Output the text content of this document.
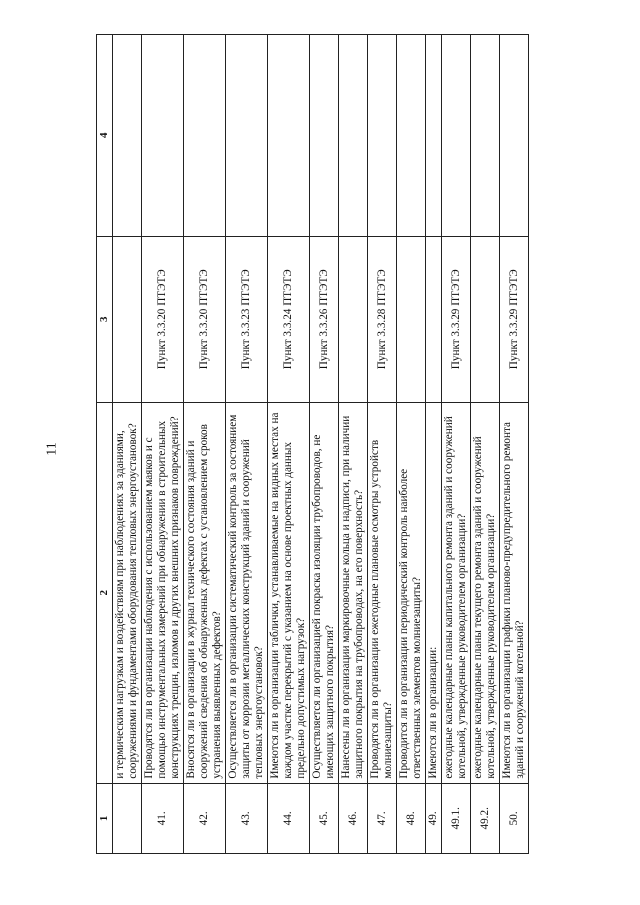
11
1	2	3	4
	и термическим нагрузкам и воздействиям при наблюдениях за зданиями, сооружениями и фундаментами оборудования тепловых энергоустановок?		
41.	Проводятся ли в организации наблюдения с использованием маяков и с помощью инструментальных измерений при обнаружении в строительных конструкциях трещин, изломов и других внешних признаков повреждений?	Пункт 3.3.20 ПТЭТЭ	
42.	Вносятся ли в организации в журнал технического состояния зданий и сооружений сведения об обнаруженных дефектах с установлением сроков устранения выявленных дефектов?	Пункт 3.3.20 ПТЭТЭ	
43.	Осуществляется ли в организации систематический контроль за состоянием защиты от коррозии металлических конструкций зданий и сооружений тепловых энергоустановок?	Пункт 3.3.23 ПТЭТЭ	
44.	Имеются ли в организации таблички, устанавливаемые на видных местах на каждом участке перекрытий с указанием на основе проектных данных предельно допустимых нагрузок?	Пункт 3.3.24 ПТЭТЭ	
45.	Осуществляется ли организацией покраска изоляции трубопроводов, не имеющих защитного покрытия?	Пункт 3.3.26 ПТЭТЭ	
46.	Нанесены ли в организации маркировочные кольца и надписи, при наличии защитного покрытия на трубопроводах, на его поверхность?		
47.	Проводятся ли в организации ежегодные плановые осмотры устройств молниезащиты?	Пункт 3.3.28 ПТЭТЭ	
48.	Проводится ли в организации периодический контроль наиболее ответственных элементов молниезащиты?		
49.	Имеются ли в организации:		
49.1.	ежегодные календарные планы капитального ремонта зданий и сооружений котельной, утвержденные руководителем организации?	Пункт 3.3.29 ПТЭТЭ	
49.2.	ежегодные календарные планы текущего ремонта зданий и сооружений котельной, утвержденные руководителем организации?		
50.	Имеются ли в организации графики планово-предупредительного ремонта зданий и сооружений котельной?	Пункт 3.3.29 ПТЭТЭ	
